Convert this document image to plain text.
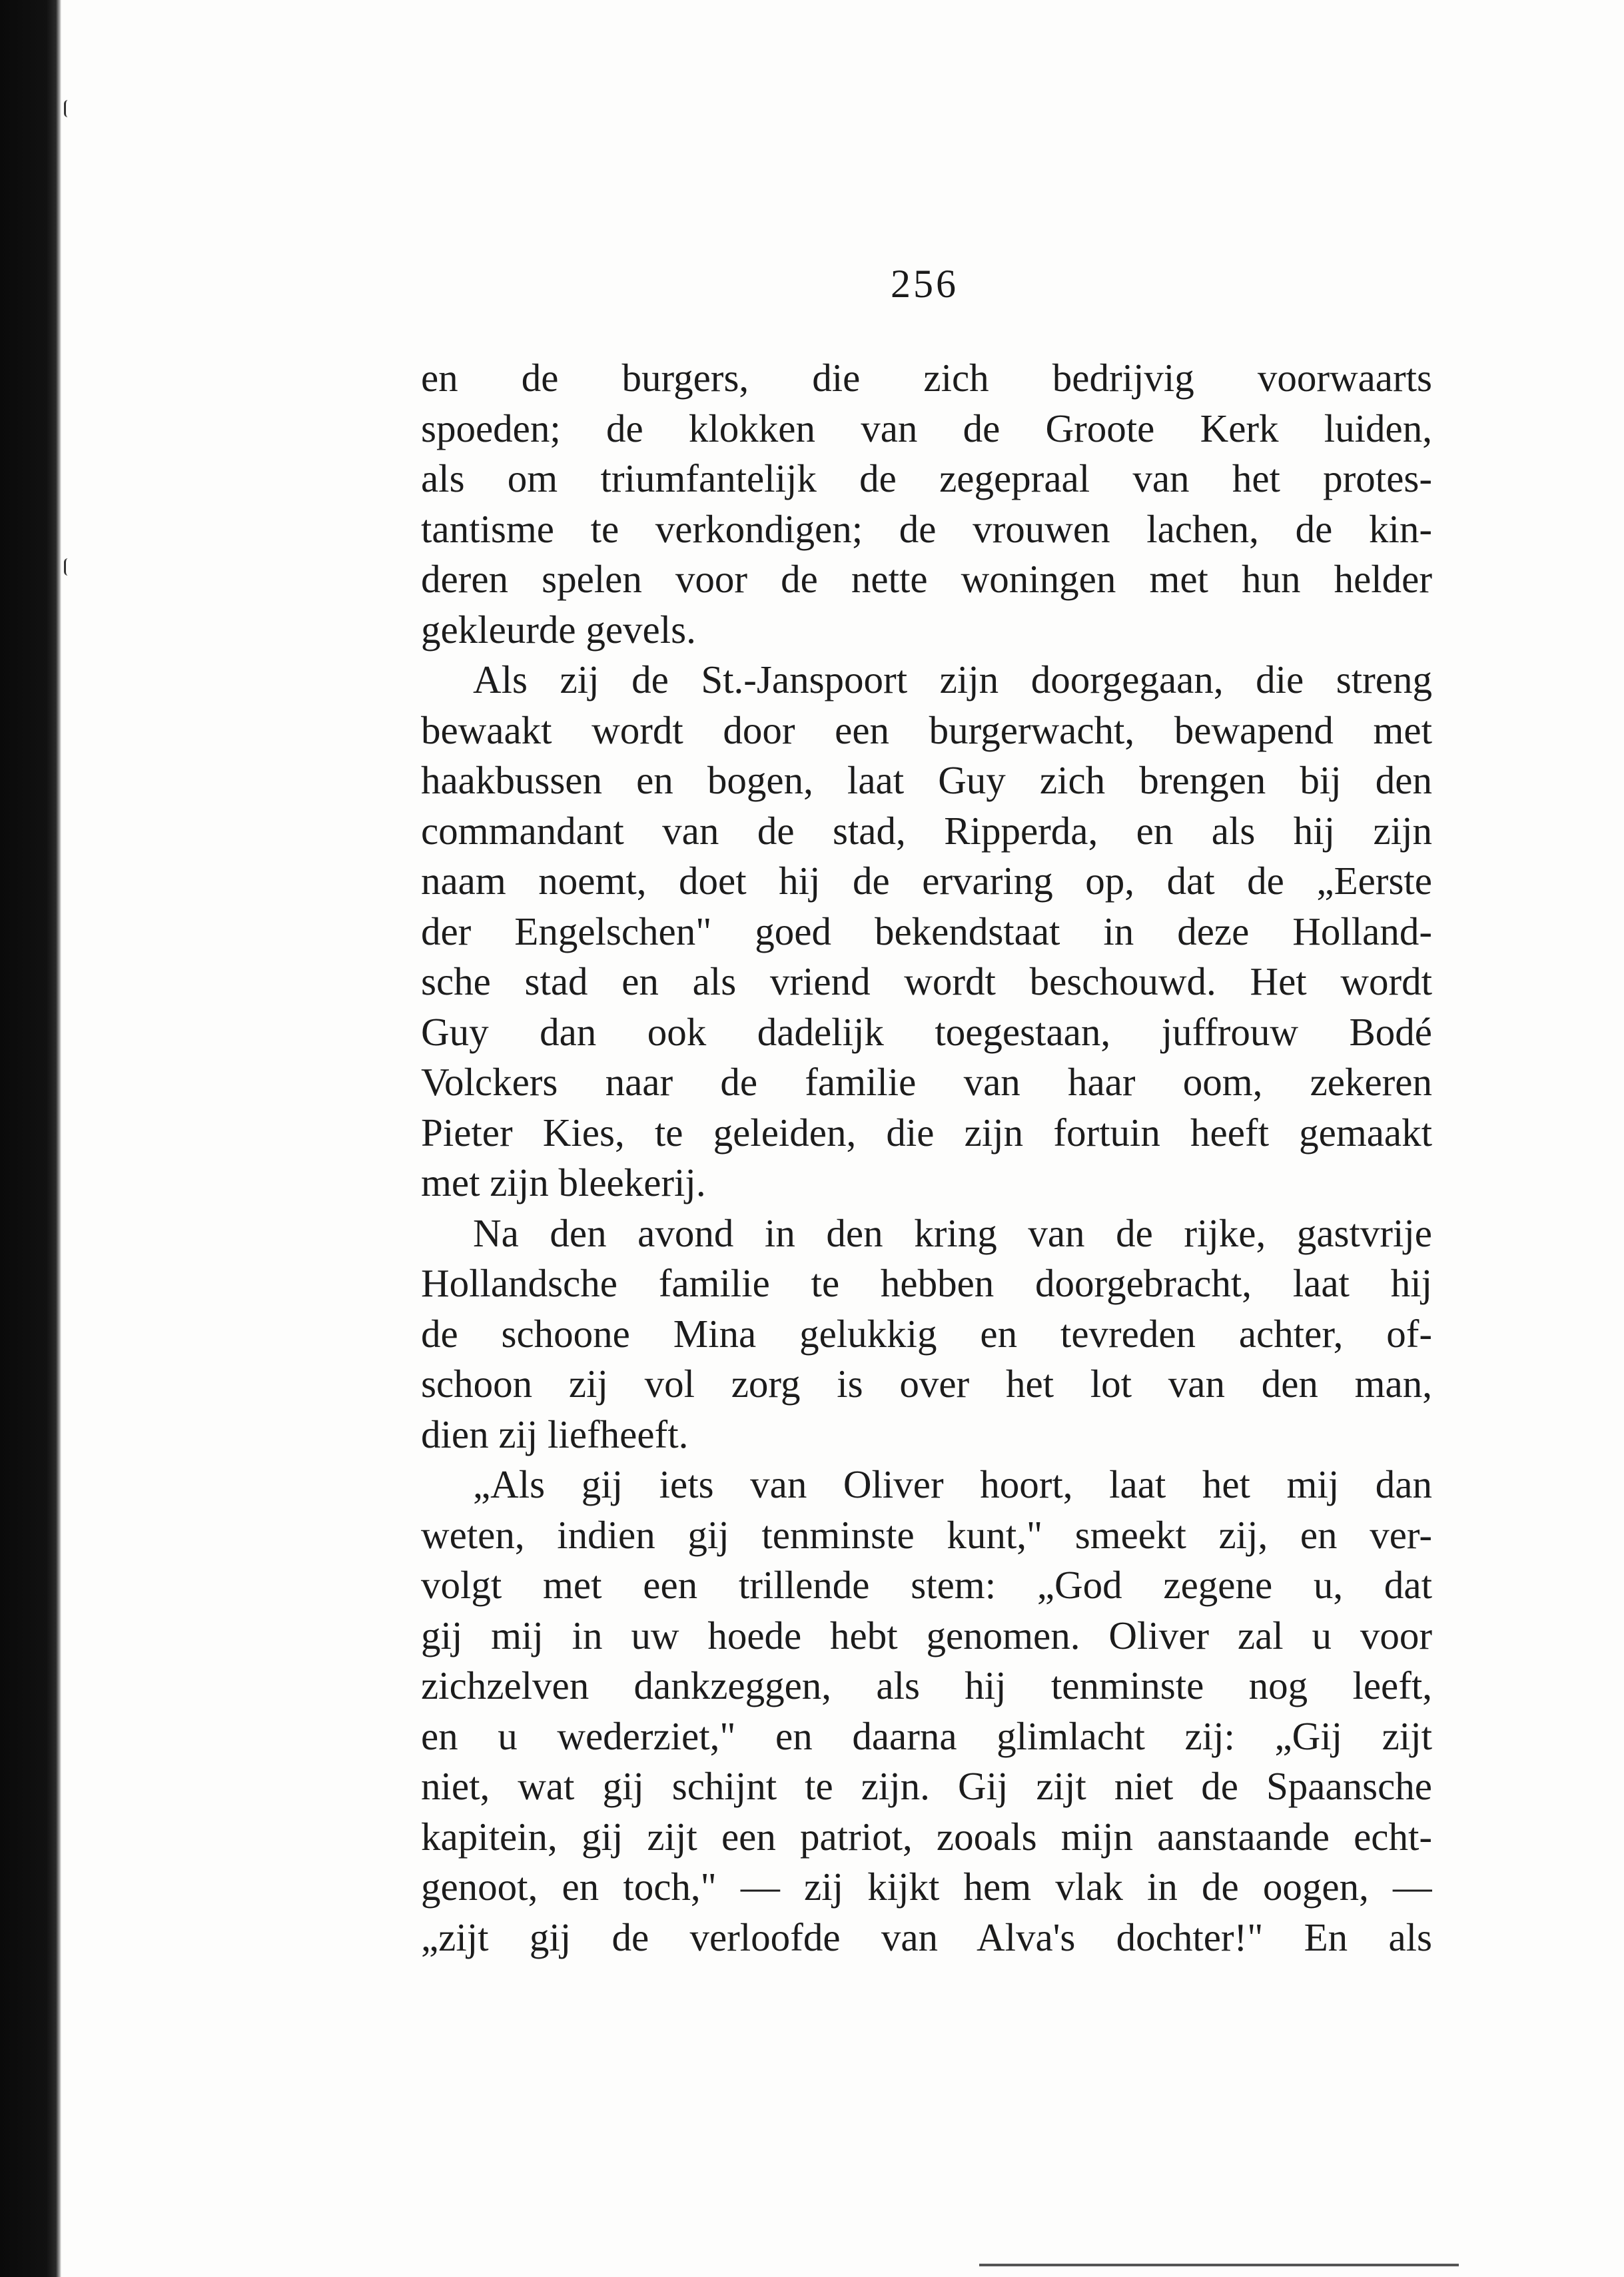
256
en de burgers, die zich bedrijvig voorwaarts
spoeden; de klokken van de Groote Kerk luiden,
als om triumfantelijk de zegepraal van het protes-
tantisme te verkondigen; de vrouwen lachen, de kin-
deren spelen voor de nette woningen met hun helder
gekleurde gevels.
Als zij de St.-Janspoort zijn doorgegaan, die streng
bewaakt wordt door een burgerwacht, bewapend met
haakbussen en bogen, laat Guy zich brengen bij den
commandant van de stad, Ripperda, en als hij zijn
naam noemt, doet hij de ervaring op, dat de „Eerste
der Engelschen" goed bekendstaat in deze Holland-
sche stad en als vriend wordt beschouwd. Het wordt
Guy dan ook dadelijk toegestaan, juffrouw Bodé
Volckers naar de familie van haar oom, zekeren
Pieter Kies, te geleiden, die zijn fortuin heeft gemaakt
met zijn bleekerij.
Na den avond in den kring van de rijke, gastvrije
Hollandsche familie te hebben doorgebracht, laat hij
de schoone Mina gelukkig en tevreden achter, of-
schoon zij vol zorg is over het lot van den man,
dien zij liefheeft.
„Als gij iets van Oliver hoort, laat het mij dan
weten, indien gij tenminste kunt," smeekt zij, en ver-
volgt met een trillende stem: „God zegene u, dat
gij mij in uw hoede hebt genomen. Oliver zal u voor
zichzelven dankzeggen, als hij tenminste nog leeft,
en u wederziet," en daarna glimlacht zij: „Gij zijt
niet, wat gij schijnt te zijn. Gij zijt niet de Spaansche
kapitein, gij zijt een patriot, zooals mijn aanstaande echt-
genoot, en toch," — zij kijkt hem vlak in de oogen, —
„zijt gij de verloofde van Alva's dochter!" En als
